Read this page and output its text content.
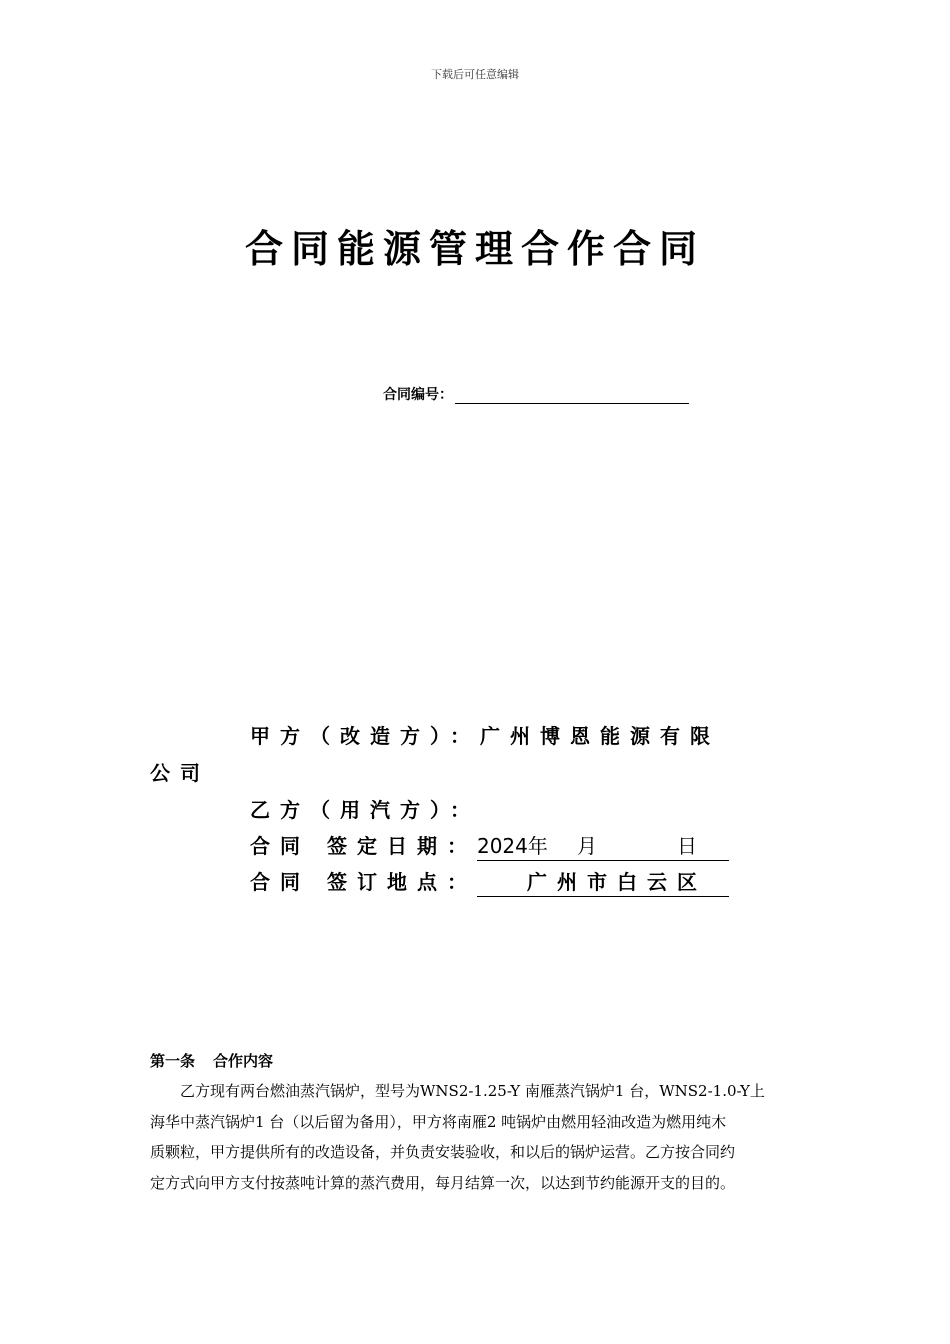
下载后可任意编辑
合同能源管理合作合同
合同编号：
甲方（改造方）：广州博恩能源有限
公司
乙方（用汽方）：
合同 签定日期： 2024年	月	日
合同 签订地点：	广州市白云区
第一条 合作内容
乙方现有两台燃油蒸汽锅炉，型号为WNS2-1.25-Y 南雁蒸汽锅炉1 台，WNS2-1.0-Y上
海华中蒸汽锅炉1 台（以后留为备用），甲方将南雁2 吨锅炉由燃用轻油改造为燃用纯木
质颗粒，甲方提供所有的改造设备，并负责安装验收，和以后的锅炉运营。乙方按合同约
定方式向甲方支付按蒸吨计算的蒸汽费用，每月结算一次，以达到节约能源开支的目的。
